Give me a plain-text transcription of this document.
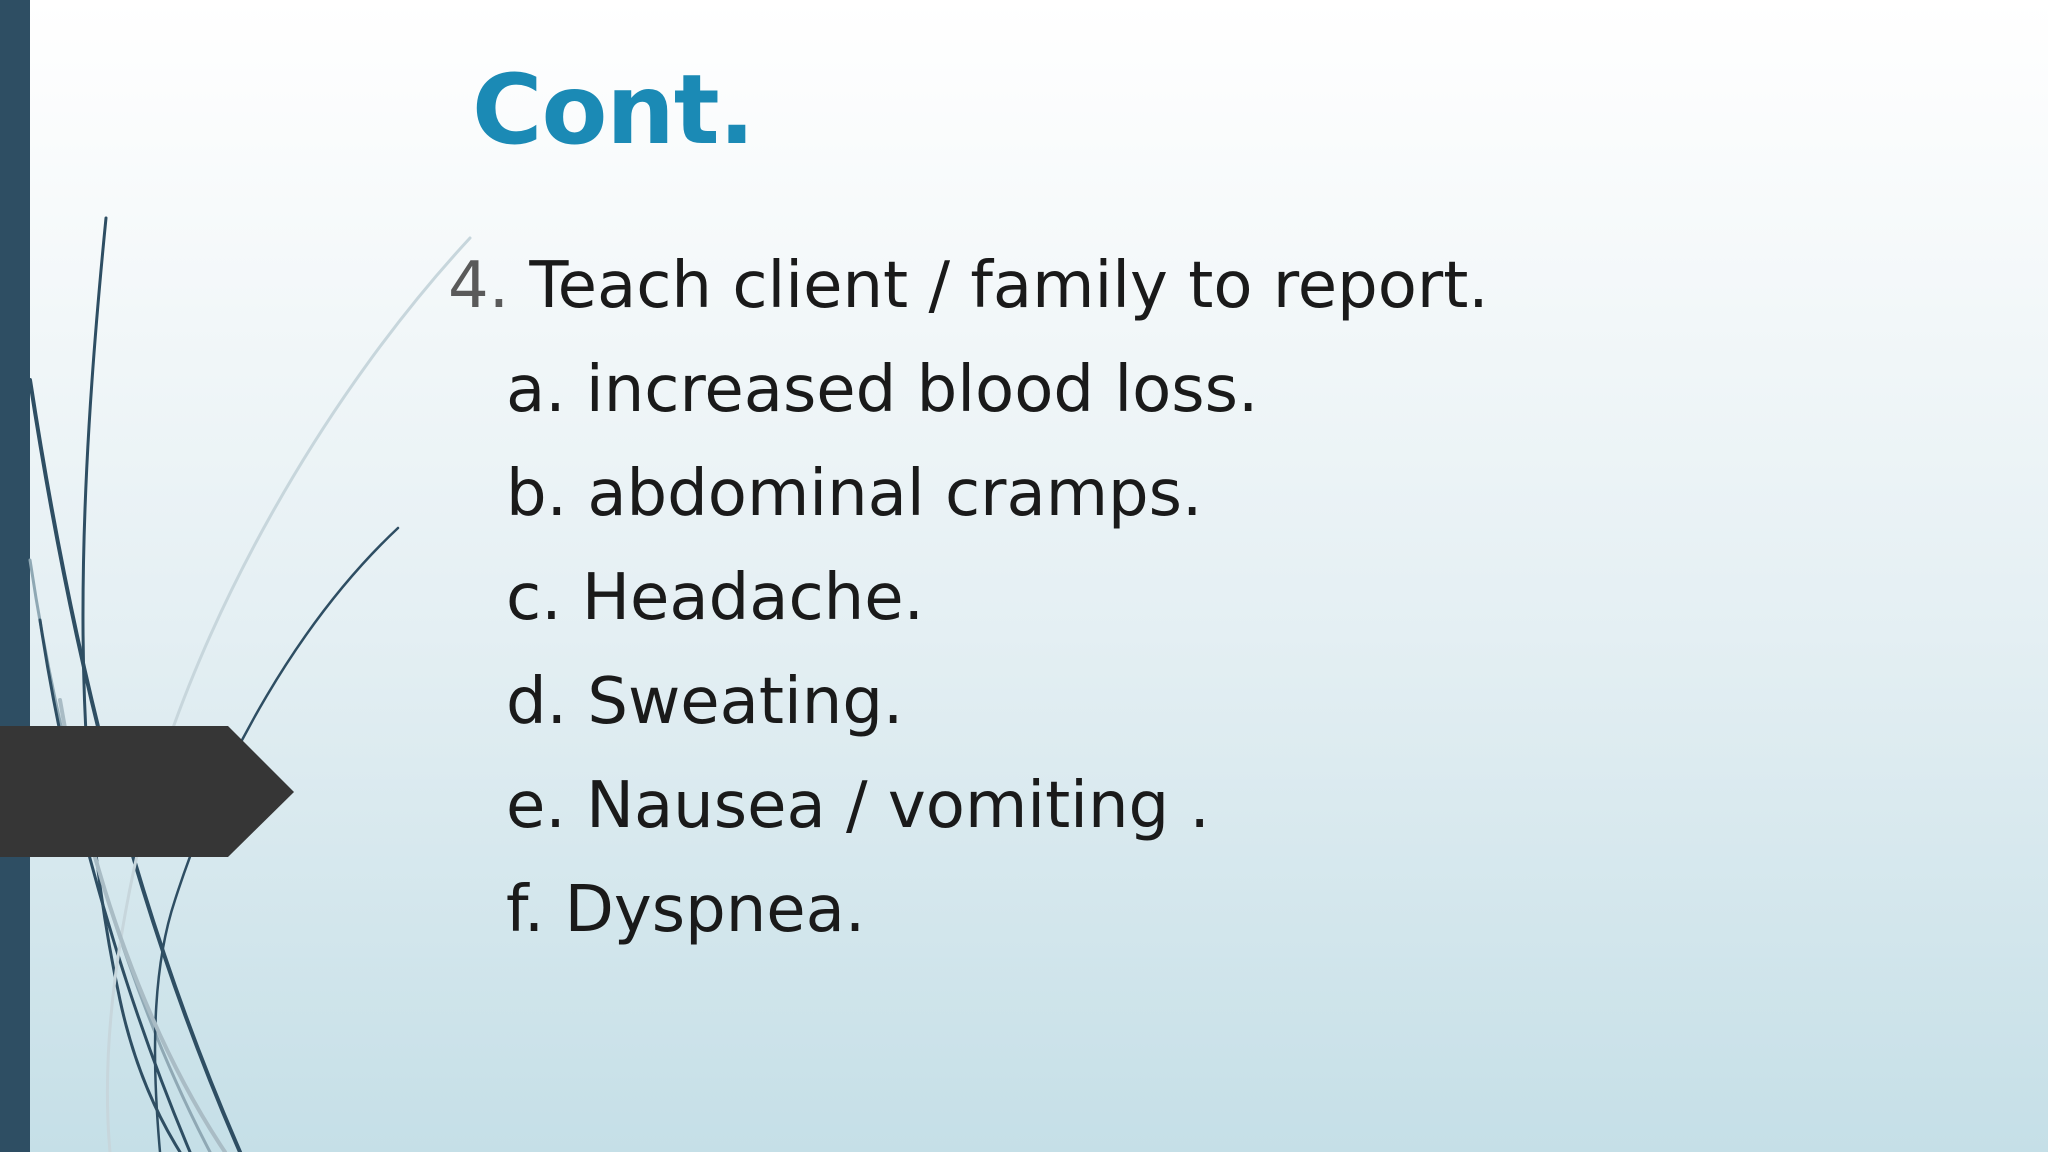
Cont.
4. Teach client / family to report.
a. increased blood loss.
b. abdominal cramps.
c. Headache.
d. Sweating.
e. Nausea / vomiting .
f. Dyspnea.
